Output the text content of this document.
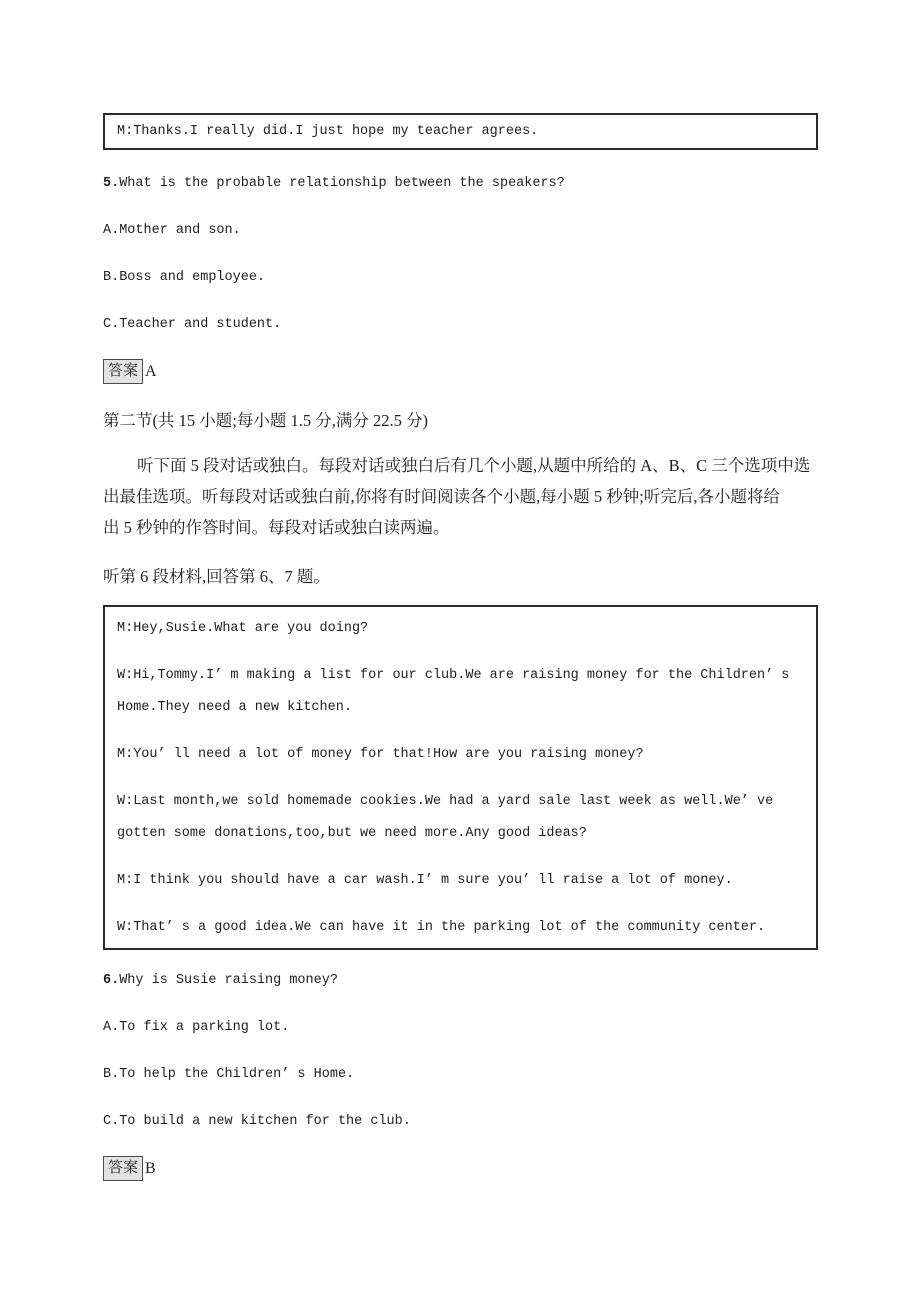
M:Thanks.I really did.I just hope my teacher agrees.

5. What is the probable relationship between the speakers?
A.Mother and son.
B.Boss and employee.
C.Teacher and student.
答案 A
第二节(共 15 小题;每小题 1.5 分,满分 22.5 分)

听下面 5 段对话或独白。每段对话或独白后有几个小题,从题中所给的 A、B、C 三个选项中选

出最佳选项。听每段对话或独白前,你将有时间阅读各个小题,每小题 5 秒钟;听完后,各小题将给

出 5 秒钟的作答时间。每段对话或独白读两遍。

听第 6 段材料,回答第 6、7 题。

M:Hey,Susie.What are you doing?

W:Hi,Tommy.I’ m making a list for our club.We are raising money for the Children’ s

Home.They need a new kitchen.

M:You’ ll need a lot of money for that!How are you raising money?

W:Last month,we sold homemade cookies.We had a yard sale last week as well.We’ ve

gotten some donations,too,but we need more.Any good ideas?

M:I think you should have a car wash.I’ m sure you’ ll raise a lot of money.

W:That’ s a good idea.We can have it in the parking lot of the community center.

6. Why is Susie raising money?
A.To fix a parking lot.
B.To help the Children’ s Home.
C.To build a new kitchen for the club.
答案 B
